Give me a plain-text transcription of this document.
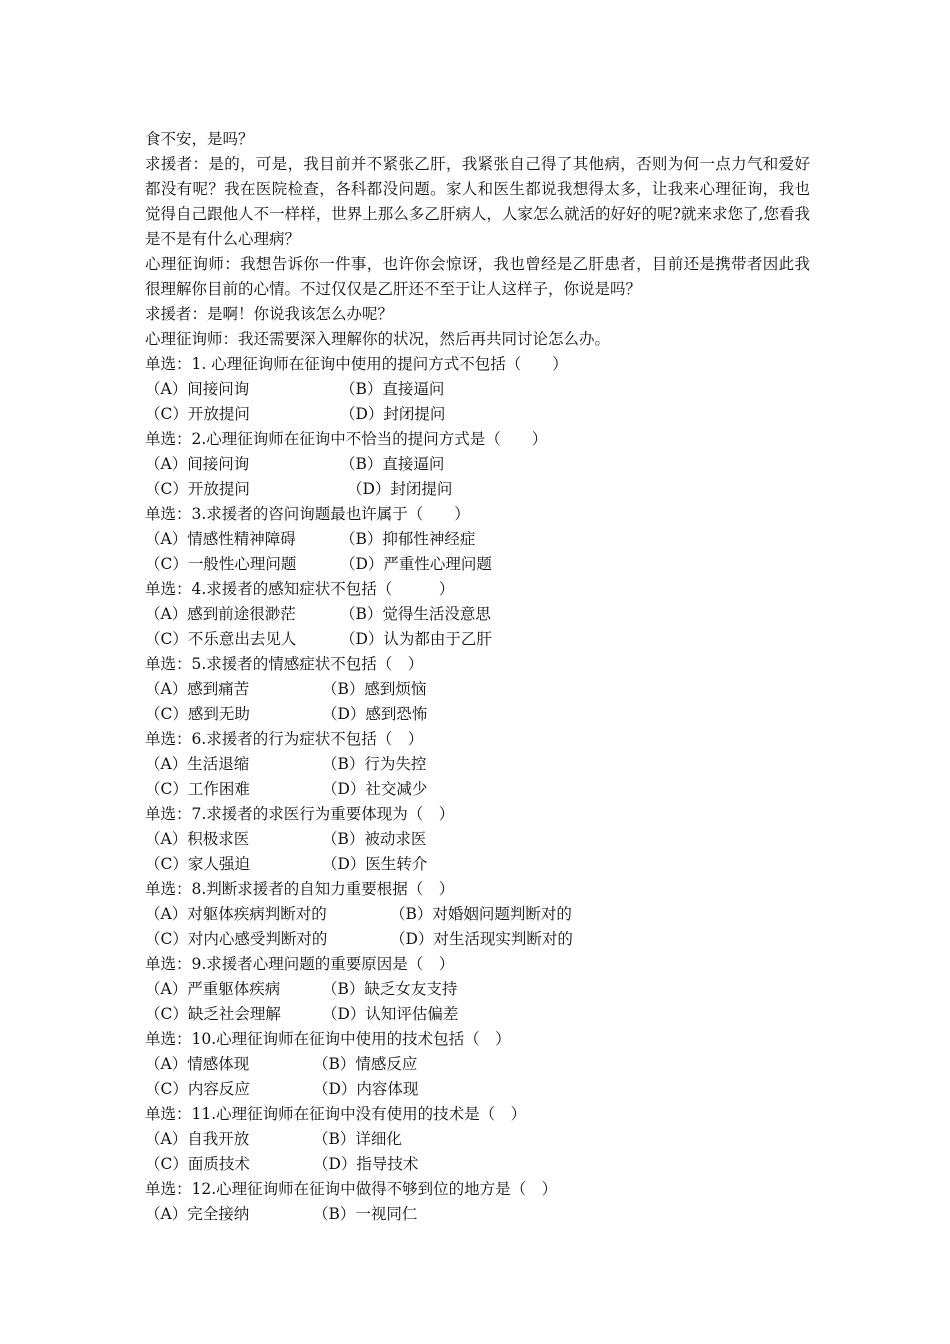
食不安，是吗？

求援者：是的，可是，我目前并不紧张乙肝，我紧张自己得了其他病，否则为何一点力气和爱好都没有呢？我在医院检查，各科都没问题。家人和医生都说我想得太多，让我来心理征询，我也觉得自己跟他人不一样样，世界上那么多乙肝病人，人家怎么就活的好好的呢?就来求您了,您看我是不是有什么心理病？

心理征询师：我想告诉你一件事，也许你会惊讶，我也曾经是乙肝患者，目前还是携带者因此我很理解你目前的心情。不过仅仅是乙肝还不至于让人这样子，你说是吗？

求援者：是啊！你说我该怎么办呢？

心理征询师：我还需要深入理解你的状况，然后再共同讨论怎么办。

单选：1. 心理征询师在征询中使用的提问方式不包括（　　）
（A）间接问询	（B）直接逼问
（C）开放提问	（D）封闭提问
单选：2.心理征询师在征询中不恰当的提问方式是（　　）
（A）间接问询	（B）直接逼问
（C）开放提问	（D）封闭提问
单选：3.求援者的咨问询题最也许属于（　　）
（A）情感性精神障碍	（B）抑郁性神经症
（C）一般性心理问题	（D）严重性心理问题
单选：4.求援者的感知症状不包括（　　　）
（A）感到前途很渺茫	（B）觉得生活没意思
（C）不乐意出去见人	（D）认为都由于乙肝
单选：5.求援者的情感症状不包括（　）
（A）感到痛苦	（B）感到烦恼
（C）感到无助	（D）感到恐怖
单选：6.求援者的行为症状不包括（　）
（A）生活退缩	（B）行为失控
（C）工作困难	（D）社交减少
单选：7.求援者的求医行为重要体现为（　）
（A）积极求医	（B）被动求医
（C）家人强迫	（D）医生转介
单选：8.判断求援者的自知力重要根据（　）
（A）对躯体疾病判断对的	（B）对婚姻问题判断对的
（C）对内心感受判断对的	（D）对生活现实判断对的
单选：9.求援者心理问题的重要原因是（　）
（A）严重躯体疾病	（B）缺乏女友支持
（C）缺乏社会理解	（D）认知评估偏差
单选：10.心理征询师在征询中使用的技术包括（　）
（A）情感体现	（B）情感反应
（C）内容反应	（D）内容体现
单选：11.心理征询师在征询中没有使用的技术是（　）
（A）自我开放	（B）详细化
（C）面质技术	（D）指导技术
单选：12.心理征询师在征询中做得不够到位的地方是（　）
（A）完全接纳	（B）一视同仁
